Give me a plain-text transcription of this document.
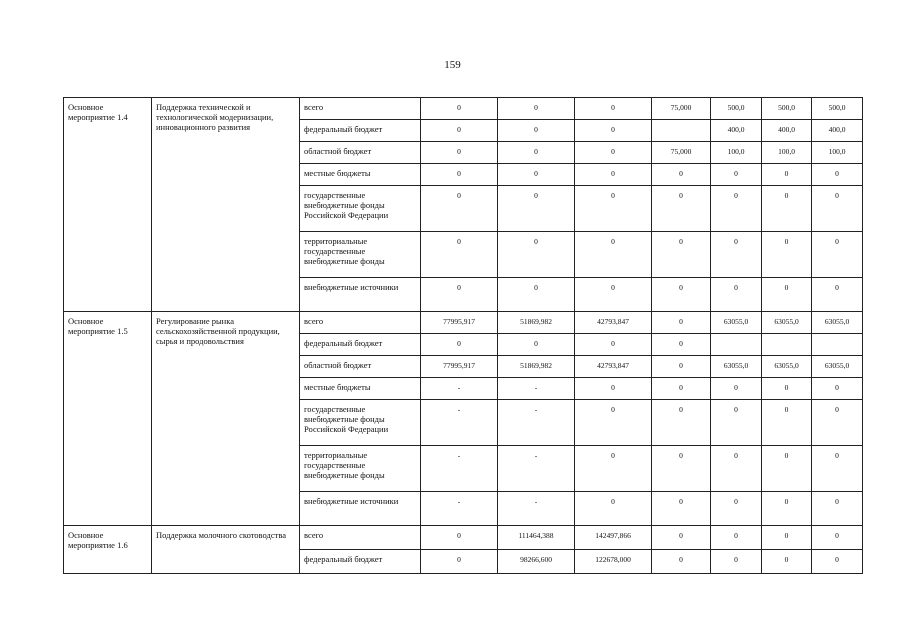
159
Основное мероприятие 1.4	Поддержка технической и технологической модернизации, инновационного развития	всего	0	0	0	75,000	500,0	500,0	500,0
		федеральный бюджет	0	0	0		400,0	400,0	400,0
		областной бюджет	0	0	0	75,000	100,0	100,0	100,0
		местные бюджеты	0	0	0	0	0	0	0
		государственные внебюджетные фонды Российской Федерации	0	0	0	0	0	0	0
		территориальные государственные внебюджетные фонды	0	0	0	0	0	0	0
		внебюджетные источники	0	0	0	0	0	0	0
Основное мероприятие 1.5	Регулирование рынка сельскохозяйственной продукции, сырья и продовольствия	всего	77995,917	51869,982	42793,847	0	63055,0	63055,0	63055,0
		федеральный бюджет	0	0	0	0			
		областной бюджет	77995,917	51869,982	42793,847	0	63055,0	63055,0	63055,0
		местные бюджеты	-	-	0	0	0	0	0
		государственные внебюджетные фонды Российской Федерации	-	-	0	0	0	0	0
		территориальные государственные внебюджетные фонды	-	-	0	0	0	0	0
		внебюджетные источники	-	-	0	0	0	0	0
Основное мероприятие 1.6	Поддержка молочного скотоводства	всего	0	111464,388	142497,866	0	0	0	0
		федеральный бюджет	0	98266,600	122678,000	0	0	0	0
